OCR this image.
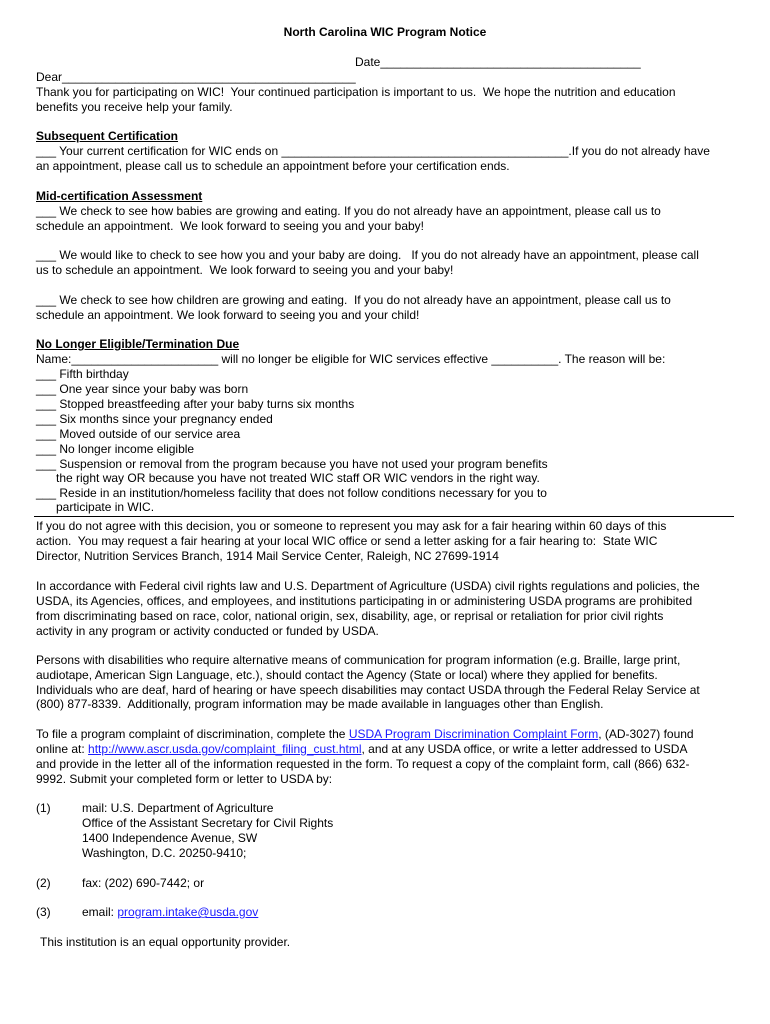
North Carolina WIC Program Notice
Date_______________________________________
Dear____________________________________________
Thank you for participating on WIC!  Your continued participation is important to us.  We hope the nutrition and education
benefits you receive help your family.
Subsequent Certification
___ Your current certification for WIC ends on ___________________________________________.If you do not already have
an appointment, please call us to schedule an appointment before your certification ends.
Mid-certification Assessment
___ We check to see how babies are growing and eating. If you do not already have an appointment, please call us to
schedule an appointment.  We look forward to seeing you and your baby!
___ We would like to check to see how you and your baby are doing.   If you do not already have an appointment, please call
us to schedule an appointment.  We look forward to seeing you and your baby!
___ We check to see how children are growing and eating.  If you do not already have an appointment, please call us to
schedule an appointment. We look forward to seeing you and your child!
No Longer Eligible/Termination Due
Name:______________________ will no longer be eligible for WIC services effective __________. The reason will be:
___ Fifth birthday
___ One year since your baby was born
___ Stopped breastfeeding after your baby turns six months
___ Six months since your pregnancy ended
___ Moved outside of our service area
___ No longer income eligible
___ Suspension or removal from the program because you have not used your program benefits
the right way OR because you have not treated WIC staff OR WIC vendors in the right way.
___ Reside in an institution/homeless facility that does not follow conditions necessary for you to
participate in WIC.
If you do not agree with this decision, you or someone to represent you may ask for a fair hearing within 60 days of this
action.  You may request a fair hearing at your local WIC office or send a letter asking for a fair hearing to:  State WIC
Director, Nutrition Services Branch, 1914 Mail Service Center, Raleigh, NC 27699-1914
In accordance with Federal civil rights law and U.S. Department of Agriculture (USDA) civil rights regulations and policies, the
USDA, its Agencies, offices, and employees, and institutions participating in or administering USDA programs are prohibited
from discriminating based on race, color, national origin, sex, disability, age, or reprisal or retaliation for prior civil rights
activity in any program or activity conducted or funded by USDA.
Persons with disabilities who require alternative means of communication for program information (e.g. Braille, large print,
audiotape, American Sign Language, etc.), should contact the Agency (State or local) where they applied for benefits.
Individuals who are deaf, hard of hearing or have speech disabilities may contact USDA through the Federal Relay Service at
(800) 877-8339.  Additionally, program information may be made available in languages other than English.
To file a program complaint of discrimination, complete the USDA Program Discrimination Complaint Form, (AD-3027) found
online at: http://www.ascr.usda.gov/complaint_filing_cust.html, and at any USDA office, or write a letter addressed to USDA
and provide in the letter all of the information requested in the form. To request a copy of the complaint form, call (866) 632-
9992. Submit your completed form or letter to USDA by:
(1)	mail: U.S. Department of Agriculture
Office of the Assistant Secretary for Civil Rights
1400 Independence Avenue, SW
Washington, D.C. 20250-9410;
(2)	fax: (202) 690-7442; or
(3)	email: program.intake@usda.gov
This institution is an equal opportunity provider.
